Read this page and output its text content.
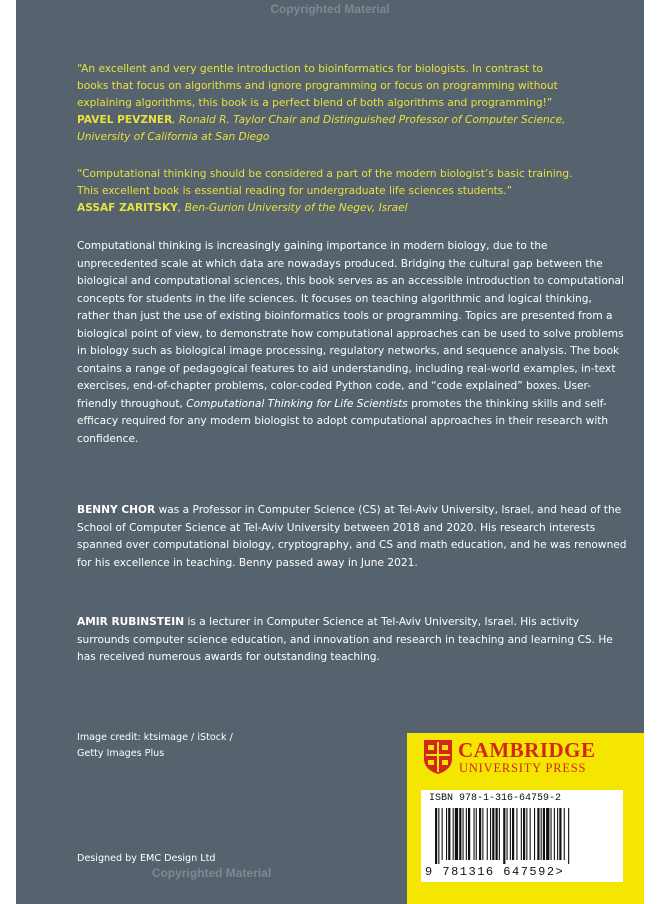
Copyrighted Material
“An excellent and very gentle introduction to bioinformatics for biologists. In contrast to
books that focus on algorithms and ignore programming or focus on programming without
explaining algorithms, this book is a perfect blend of both algorithms and programming!”
PAVEL PEVZNER, Ronald R. Taylor Chair and Distinguished Professor of Computer Science,
University of California at San Diego
“Computational thinking should be considered a part of the modern biologist’s basic training.
This excellent book is essential reading for undergraduate life sciences students.”
ASSAF ZARITSKY, Ben-Gurion University of the Negev, Israel
Computational thinking is increasingly gaining importance in modern biology, due to the unprecedented scale at which data are nowadays produced. Bridging the cultural gap between the biological and computational sciences, this book serves as an accessible introduction to computational concepts for students in the life sciences. It focuses on teaching algorithmic and logical thinking, rather than just the use of existing bioinformatics tools or programming. Topics are presented from a biological point of view, to demonstrate how computational approaches can be used to solve problems in biology such as biological image processing, regulatory networks, and sequence analysis. The book contains a range of pedagogical features to aid understanding, including real-world examples, in-text exercises, end-of-chapter problems, color-coded Python code, and “code explained” boxes. User-friendly throughout, Computational Thinking for Life Scientists promotes the thinking skills and self-efficacy required for any modern biologist to adopt computational approaches in their research with confidence.
BENNY CHOR was a Professor in Computer Science (CS) at Tel-Aviv University, Israel, and head of the School of Computer Science at Tel-Aviv University between 2018 and 2020. His research interests spanned over computational biology, cryptography, and CS and math education, and he was renowned for his excellence in teaching. Benny passed away in June 2021.
AMIR RUBINSTEIN is a lecturer in Computer Science at Tel-Aviv University, Israel. His activity surrounds computer science education, and innovation and research in teaching and learning CS. He has received numerous awards for outstanding teaching.
Image credit: ktsimage / iStock /
Getty Images Plus
Designed by EMC Design Ltd
Copyrighted Material
CAMBRIDGE
UNIVERSITY PRESS
ISBN 978-1-316-64759-2
9 781316 647592>
